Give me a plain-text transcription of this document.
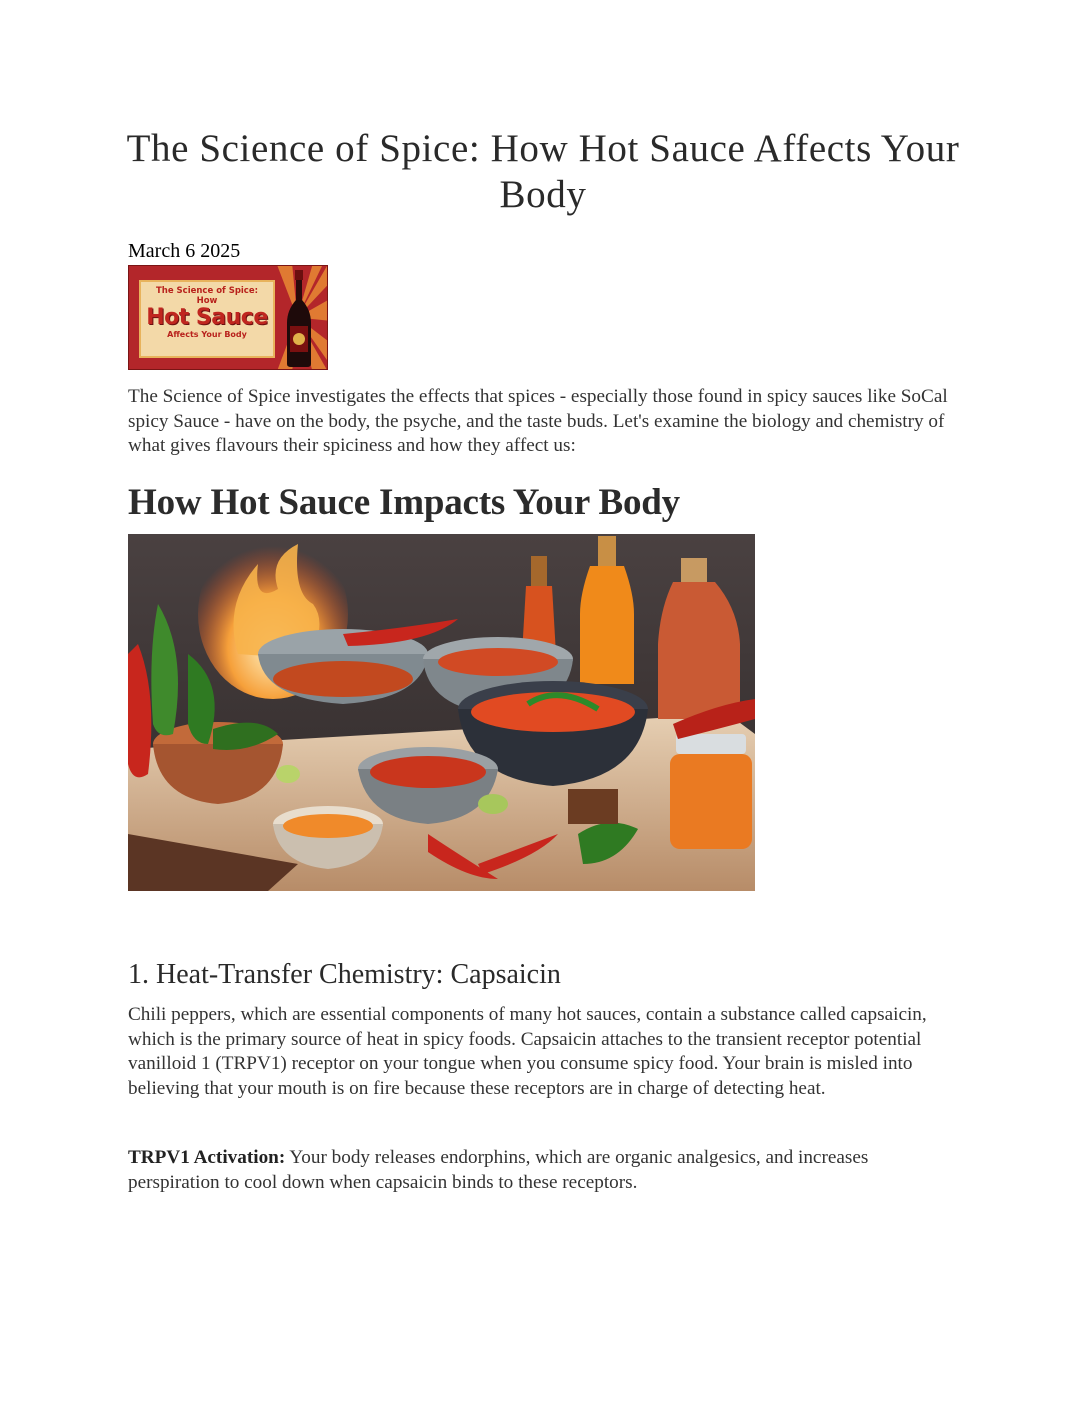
The Science of Spice: How Hot Sauce Affects Your Body
March 6 2025
The Science of Spice:
How
Hot Sauce
Affects Your Body

The Science of Spice investigates the effects that spices - especially those found in spicy sauces like SoCal spicy Sauce - have on the body, the psyche, and the taste buds. Let's examine the biology and chemistry of what gives flavours their spiciness and how they affect us:

How Hot Sauce Impacts Your Body
1. Heat-Transfer Chemistry: Capsaicin

Chili peppers, which are essential components of many hot sauces, contain a substance called capsaicin, which is the primary source of heat in spicy foods. Capsaicin attaches to the transient receptor potential vanilloid 1 (TRPV1) receptor on your tongue when you consume spicy food. Your brain is misled into believing that your mouth is on fire because these receptors are in charge of detecting heat.

TRPV1 Activation: Your body releases endorphins, which are organic analgesics, and increases perspiration to cool down when capsaicin binds to these receptors.
